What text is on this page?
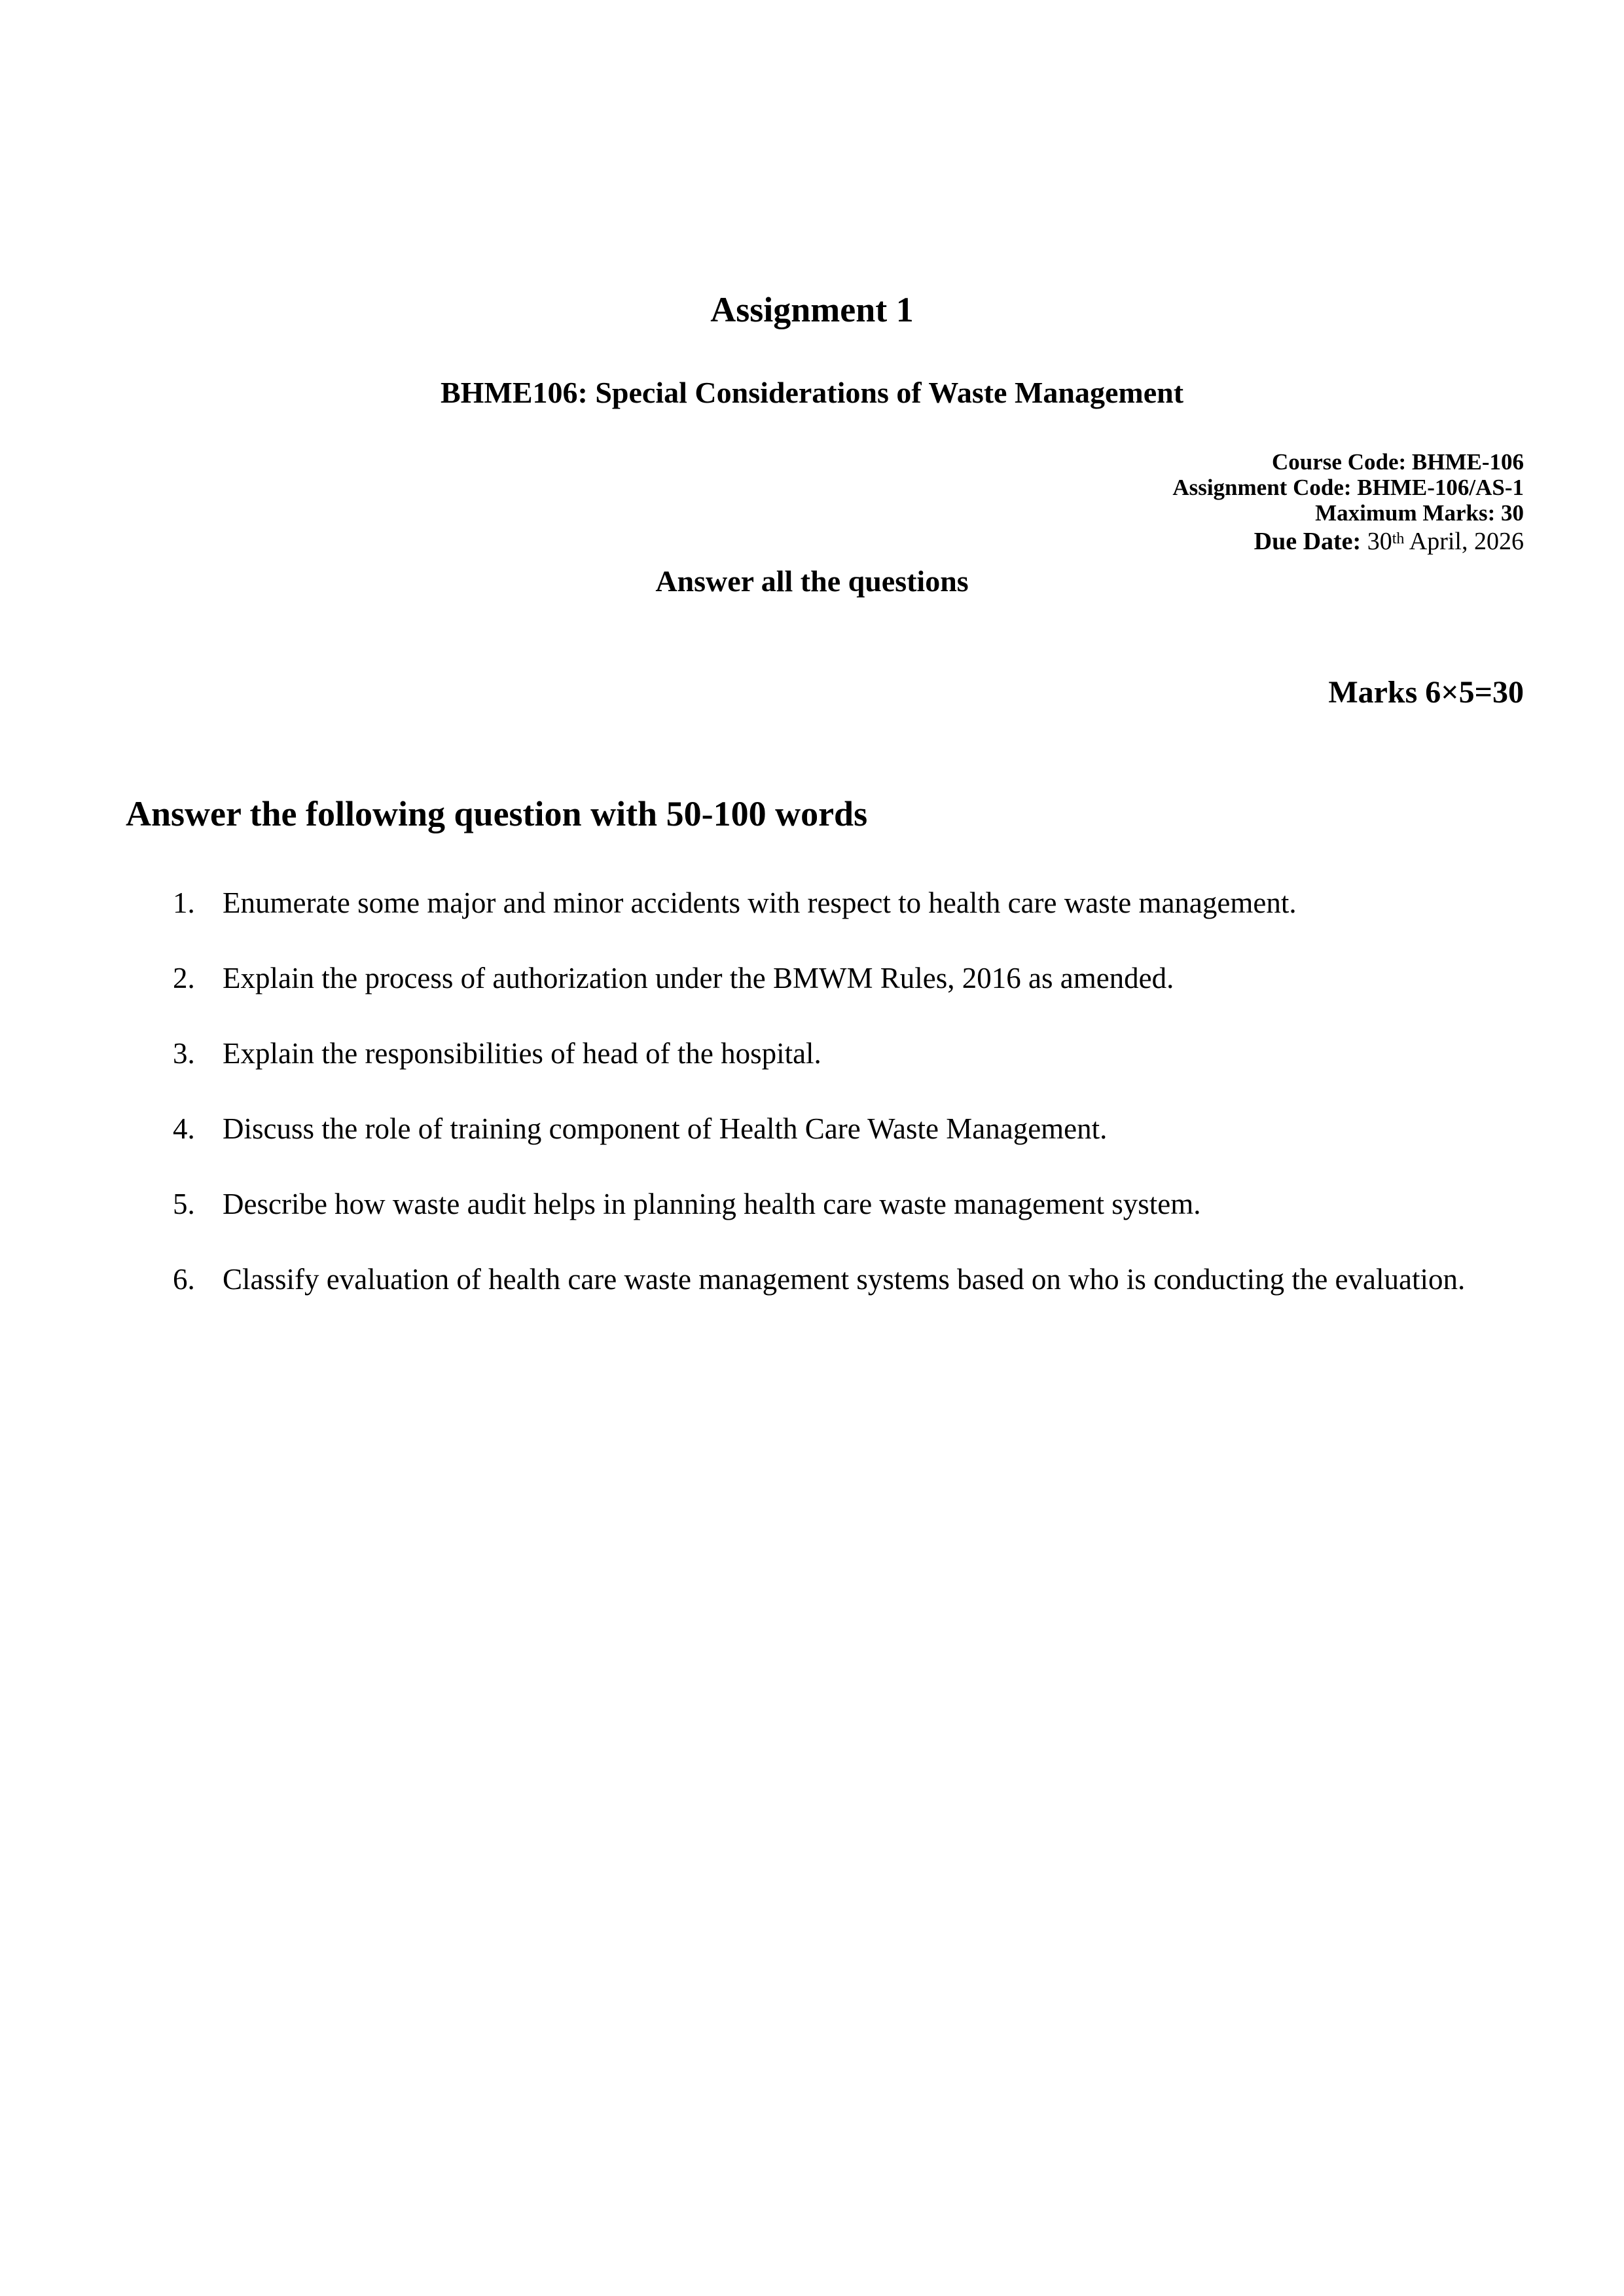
Assignment 1
BHME106: Special Considerations of Waste Management
Course Code: BHME-106
Assignment Code: BHME-106/AS-1
Maximum Marks: 30
Due Date: 30th April, 2026
Answer all the questions
Marks 6×5=30
Answer the following question with 50-100 words
1. Enumerate some major and minor accidents with respect to health care waste management.
2. Explain the process of authorization under the BMWM Rules, 2016 as amended.
3. Explain the responsibilities of head of the hospital.
4. Discuss the role of training component of Health Care Waste Management.
5. Describe how waste audit helps in planning health care waste management system.
6. Classify evaluation of health care waste management systems based on who is conducting the evaluation.
